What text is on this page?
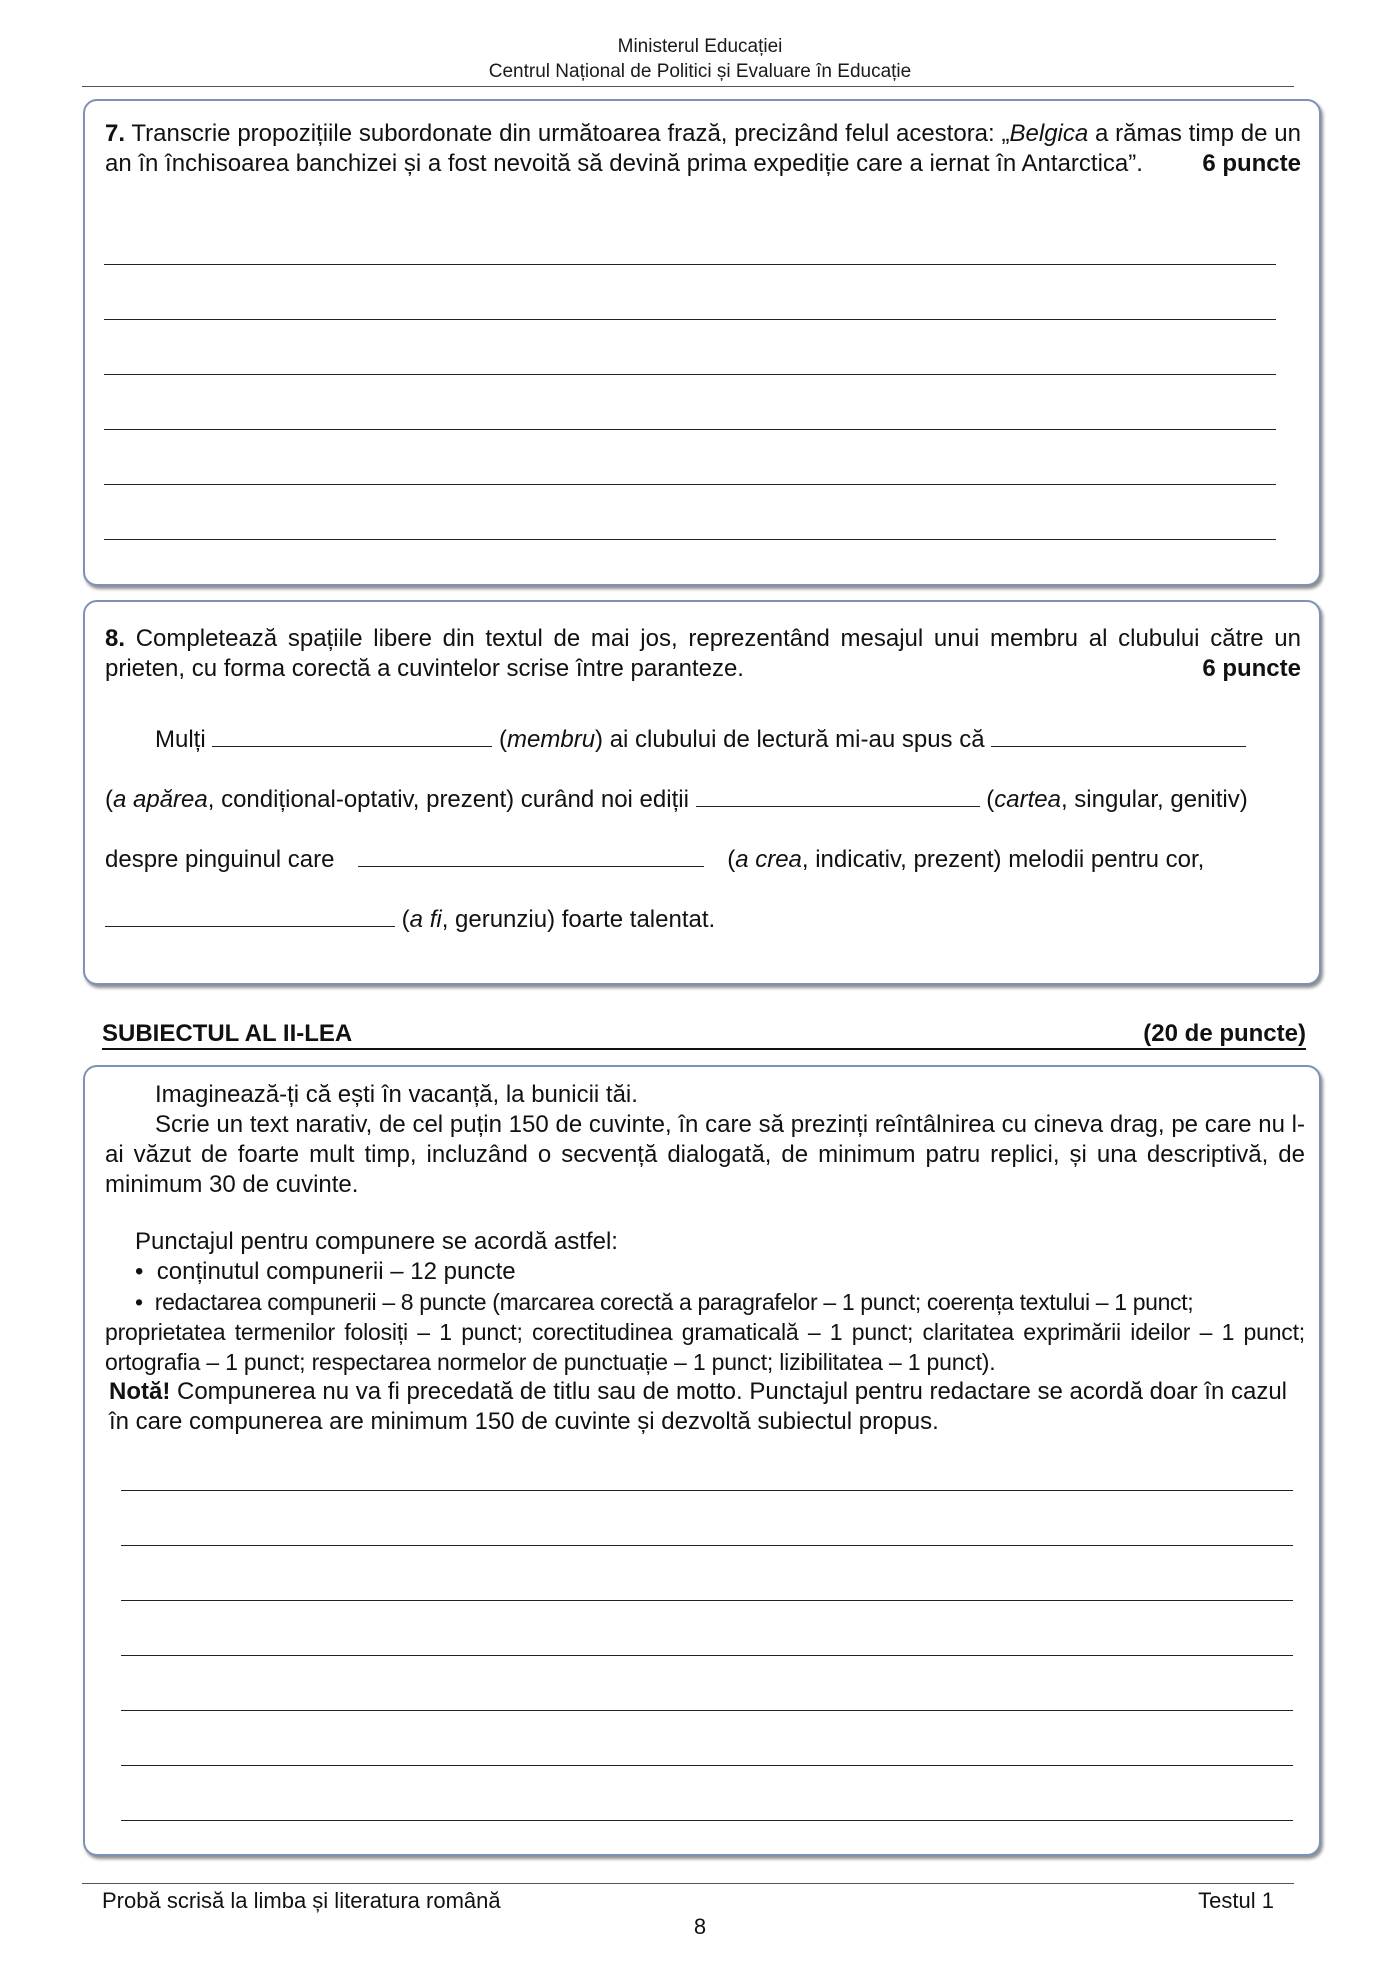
Ministerul Educației
Centrul Național de Politici și Evaluare în Educație

7. Transcrie propozițiile subordonate din următoarea frază, precizând felul acestora: „Belgica a rămas timp de un an în închisoarea banchizei și a fost nevoită să devină prima expediție care a iernat în Antarctica”. 6 puncte

8. Completează spațiile libere din textul de mai jos, reprezentând mesajul unui membru al clubului către un prieten, cu forma corectă a cuvintelor scrise între paranteze.	6 puncte

Mulți	(membru) ai clubului de lectură mi-au spus că
(a apărea, condițional-optativ, prezent) curând noi ediții	(cartea, singular, genitiv)
despre pinguinul care	(a crea, indicativ, prezent) melodii pentru cor,
(a fi, gerunziu) foarte talentat.
SUBIECTUL AL II-LEA	(20 de puncte)

Imaginează-ți că ești în vacanță, la bunicii tăi.

Scrie un text narativ, de cel puțin 150 de cuvinte, în care să prezinți reîntâlnirea cu cineva drag, pe care nu l-ai văzut de foarte mult timp, incluzând o secvență dialogată, de minimum patru replici, și una descriptivă, de minimum 30 de cuvinte.

Punctajul pentru compunere se acordă astfel:

• conținutul compunerii – 12 puncte
• redactarea compunerii – 8 puncte (marcarea corectă a paragrafelor – 1 punct; coerența textului – 1 punct;

proprietatea termenilor folosiți – 1 punct; corectitudinea gramaticală – 1 punct; claritatea exprimării ideilor – 1 punct; ortografia – 1 punct; respectarea normelor de punctuație – 1 punct; lizibilitatea – 1 punct).

Notă! Compunerea nu va fi precedată de titlu sau de motto. Punctajul pentru redactare se acordă doar în cazul în care compunerea are minimum 150 de cuvinte și dezvoltă subiectul propus.

Probă scrisă la limba și literatura română	Testul 1
8
